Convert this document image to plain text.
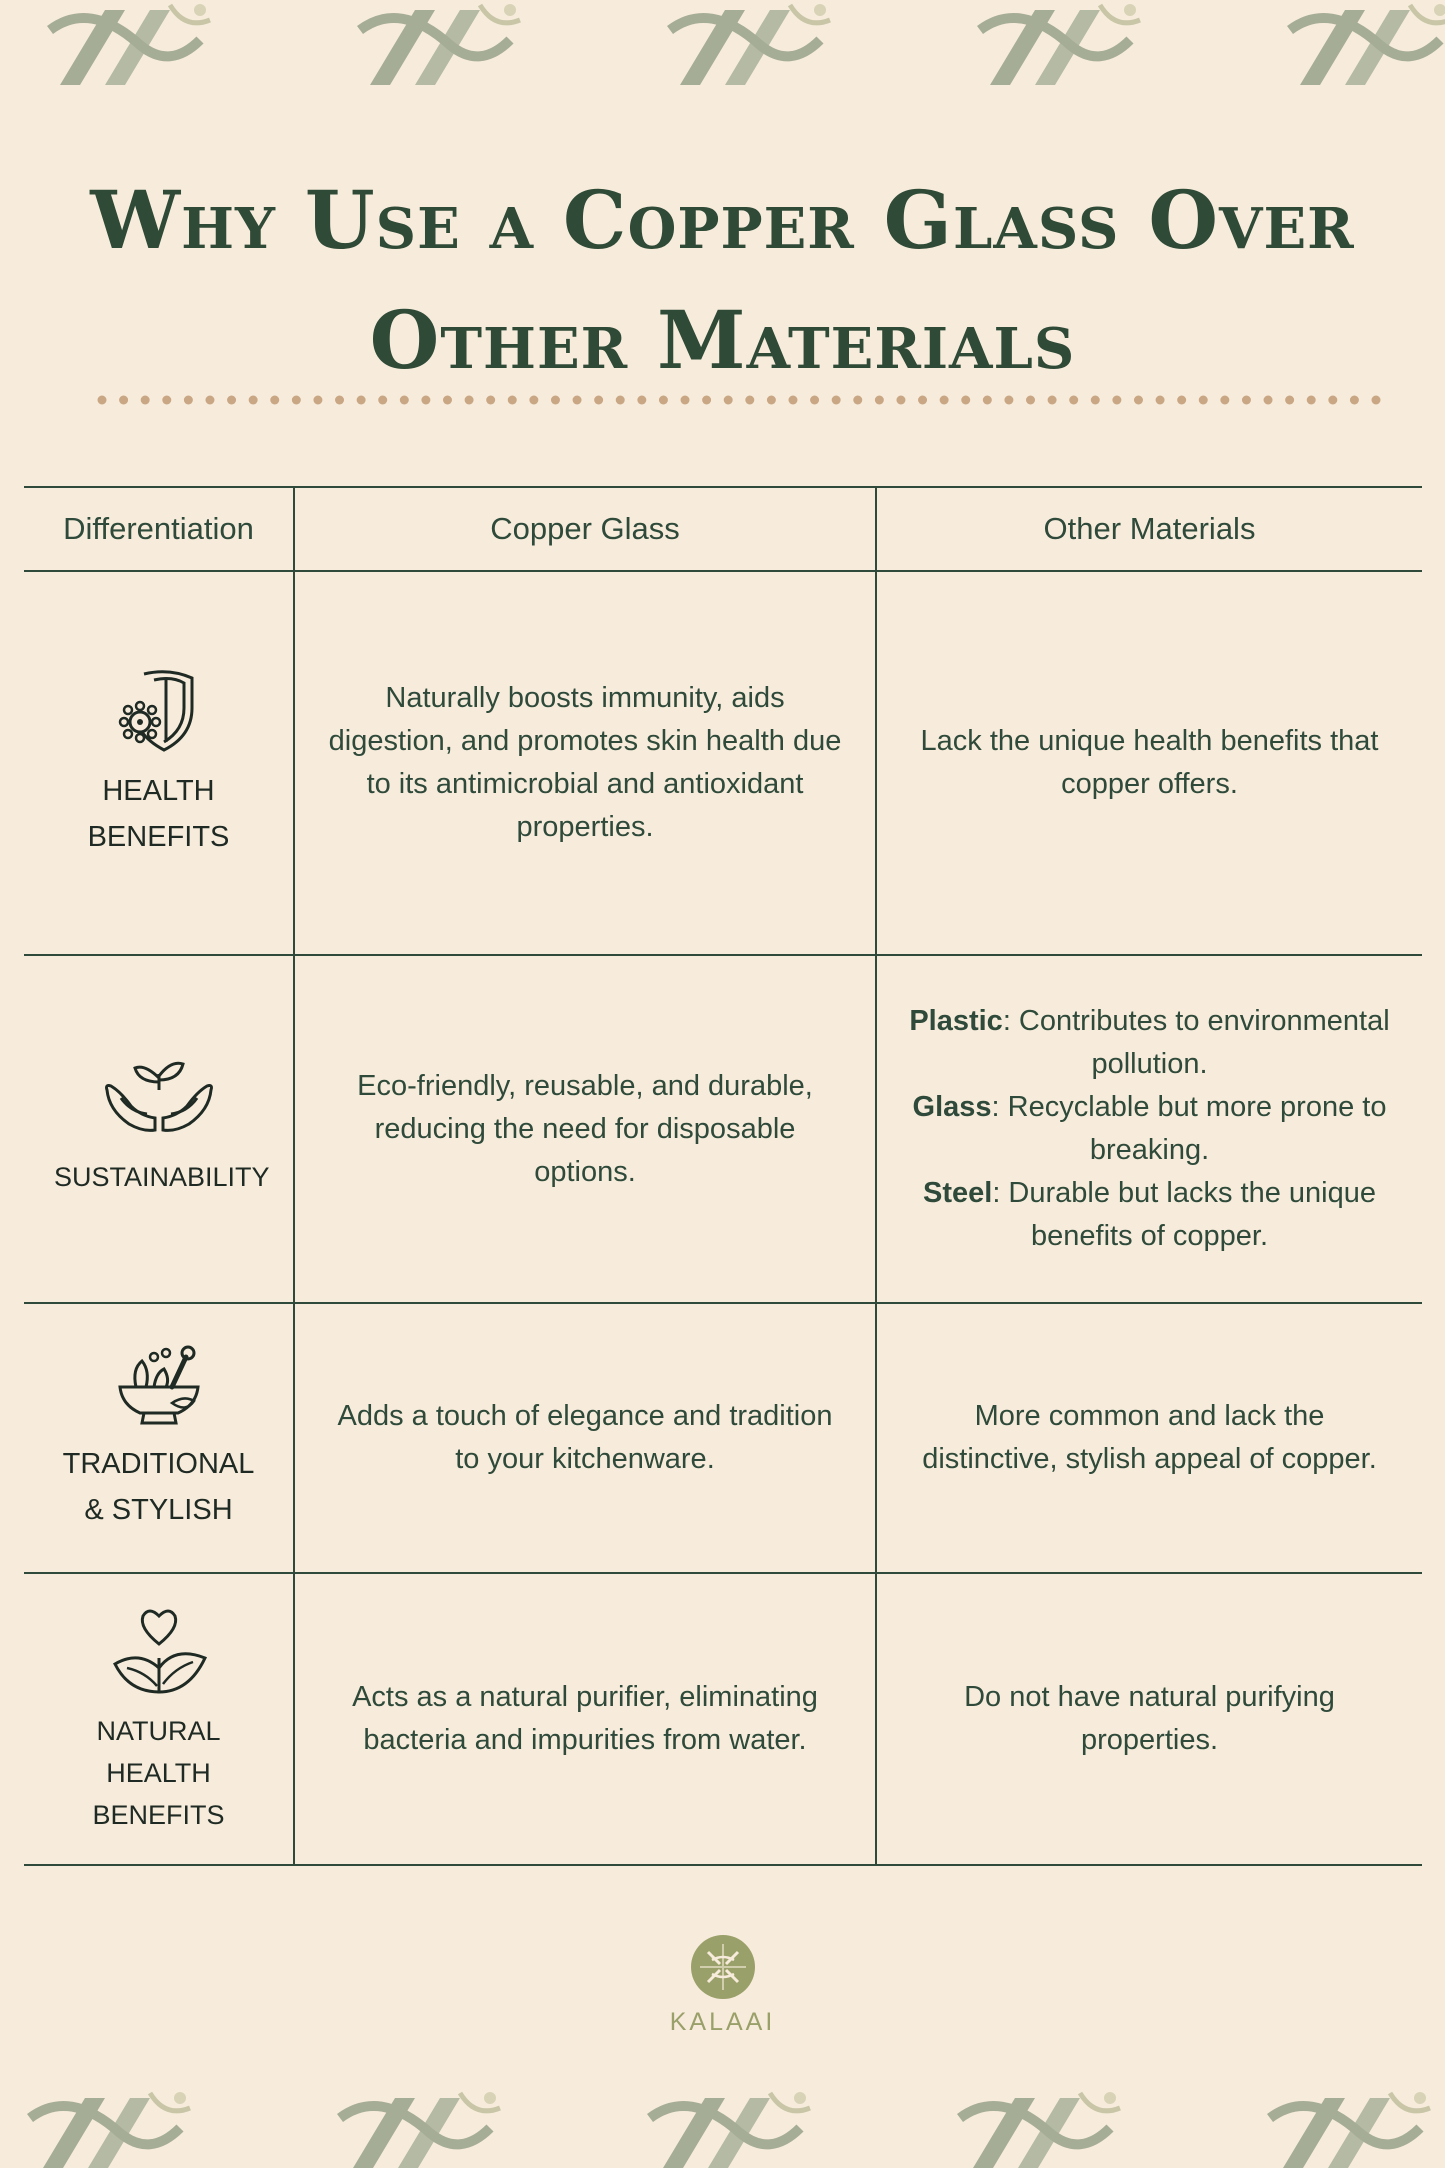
Why Use a Copper Glass Over
Other Materials
Differentiation	Copper Glass	Other Materials

HEALTH
BENEFITS	Naturally boosts immunity, aids digestion, and promotes skin health due to its antimicrobial and antioxidant properties.	Lack the unique health benefits that copper offers.

SUSTAINABILITY	Eco-friendly, reusable, and durable, reducing the need for disposable options.	Plastic: Contributes to environmental pollution.
Glass: Recyclable but more prone to breaking.
Steel: Durable but lacks the unique benefits of copper.

TRADITIONAL
& STYLISH	Adds a touch of elegance and tradition to your kitchenware.	More common and lack the distinctive, stylish appeal of copper.

NATURAL HEALTH
BENEFITS	Acts as a natural purifier, eliminating bacteria and impurities from water.	Do not have natural purifying properties.
KALAAI
